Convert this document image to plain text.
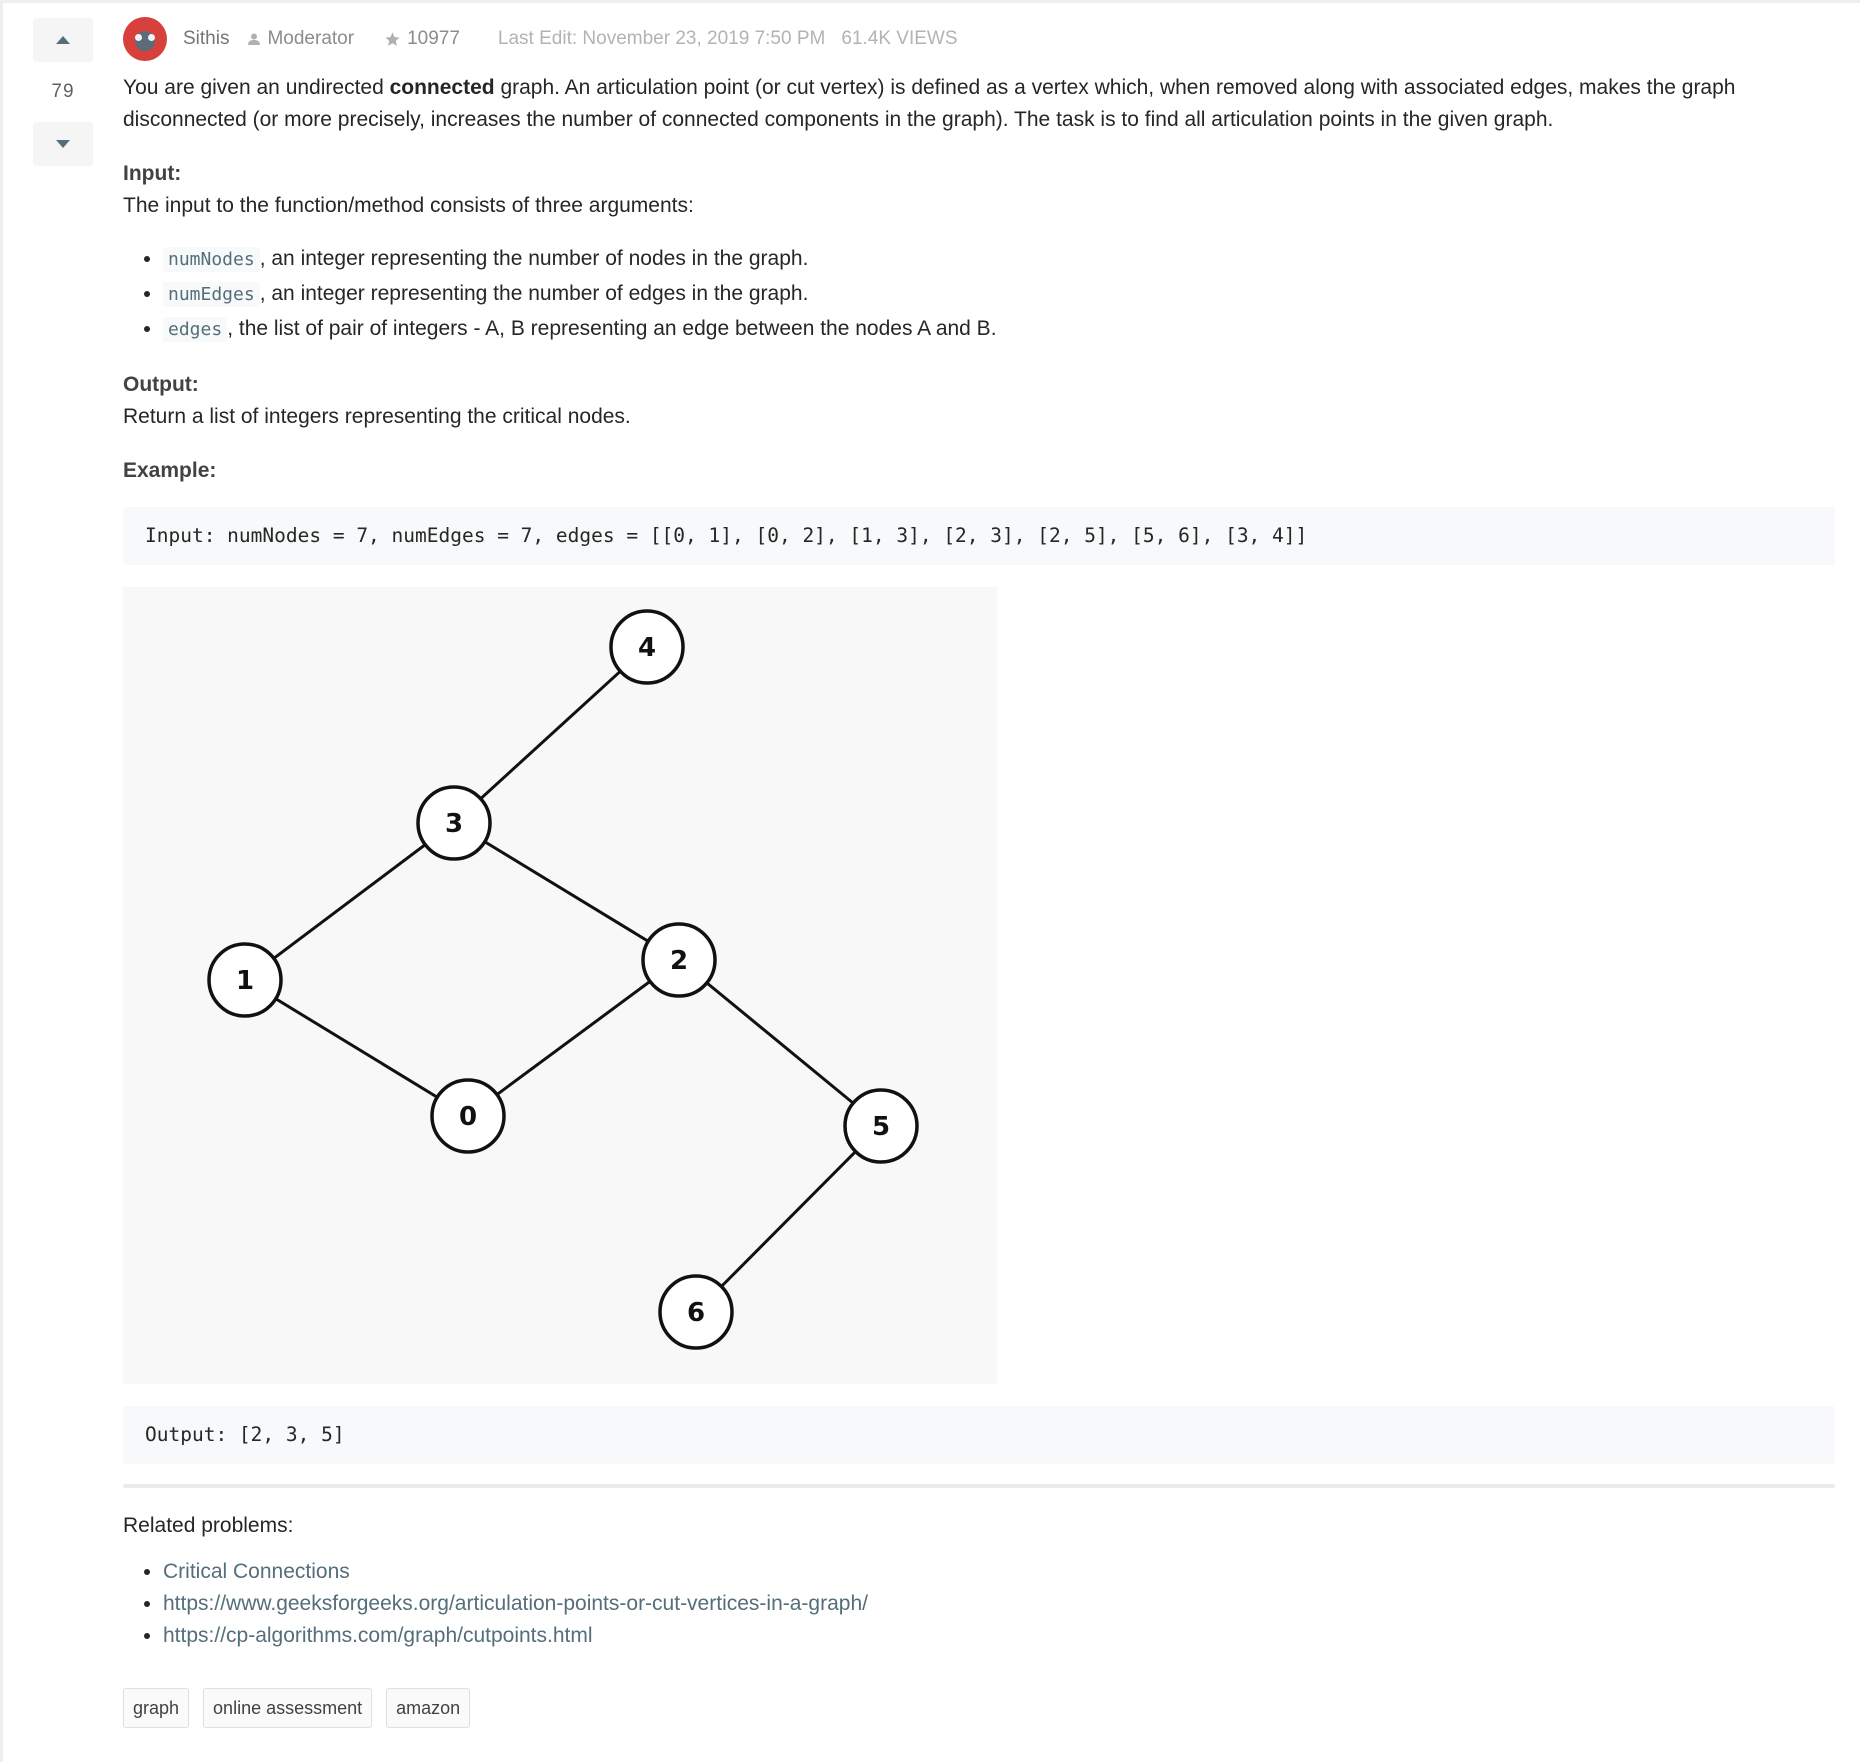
79
Sithis Moderator	10977 Last Edit: November 23, 2019 7:50 PM 61.4K VIEWS

You are given an undirected connected graph. An articulation point (or cut vertex) is defined as a vertex which, when removed along with associated edges, makes the graph disconnected (or more precisely, increases the number of connected components in the graph). The task is to find all articulation points in the given graph.

Input:

The input to the function/method consists of three arguments:

• numNodes , an integer representing the number of nodes in the graph.
• numEdges , an integer representing the number of edges in the graph.
• edges , the list of pair of integers - A, B representing an edge between the nodes A and B.

Output:

Return a list of integers representing the critical nodes.

Example:

Input: numNodes = 7, numEdges = 7, edges = [[0, 1], [0, 2], [1, 3], [2, 3], [2, 5], [5, 6], [3, 4]]
0
1
2
3
4
5
6
Output: [2, 3, 5]

Related problems:

• Critical Connections
• https://www.geeksforgeeks.org/articulation-points-or-cut-vertices-in-a-graph/
• https://cp-algorithms.com/graph/cutpoints.html
graph	online assessment	amazon
